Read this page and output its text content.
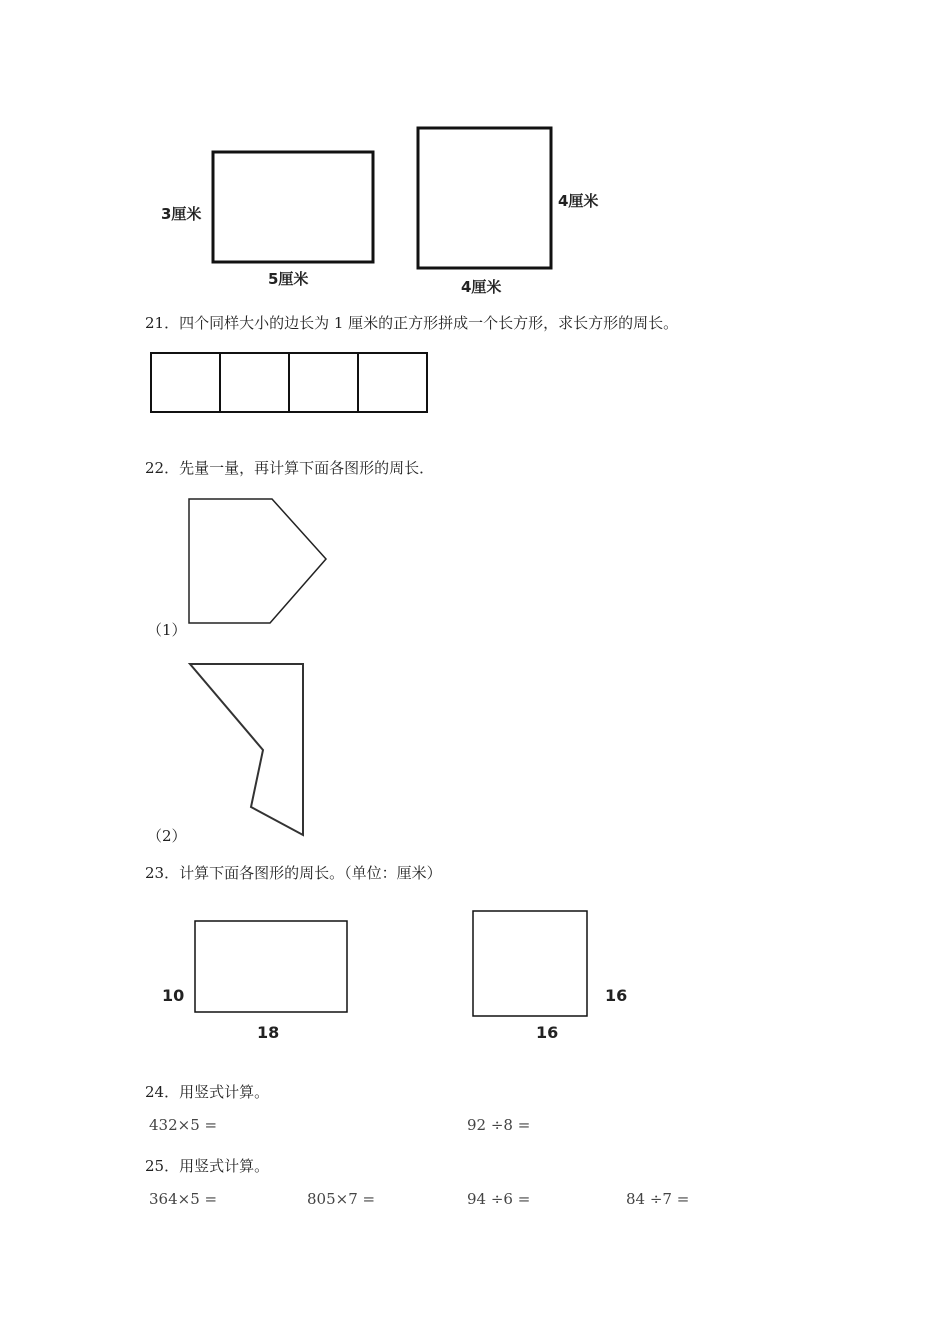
3厘米
5厘米
4厘米
4厘米
21．四个同样大小的边长为 1 厘米的正方形拼成一个长方形，求长方形的周长。
22．先量一量，再计算下面各图形的周长．
（1）
（2）
23．计算下面各图形的周长。（单位：厘米）
10
18
16
16
24．用竖式计算。
432×5 =	92 ÷8 =
25．用竖式计算。
364×5 =	805×7 =	94 ÷6 =	84 ÷7 =
